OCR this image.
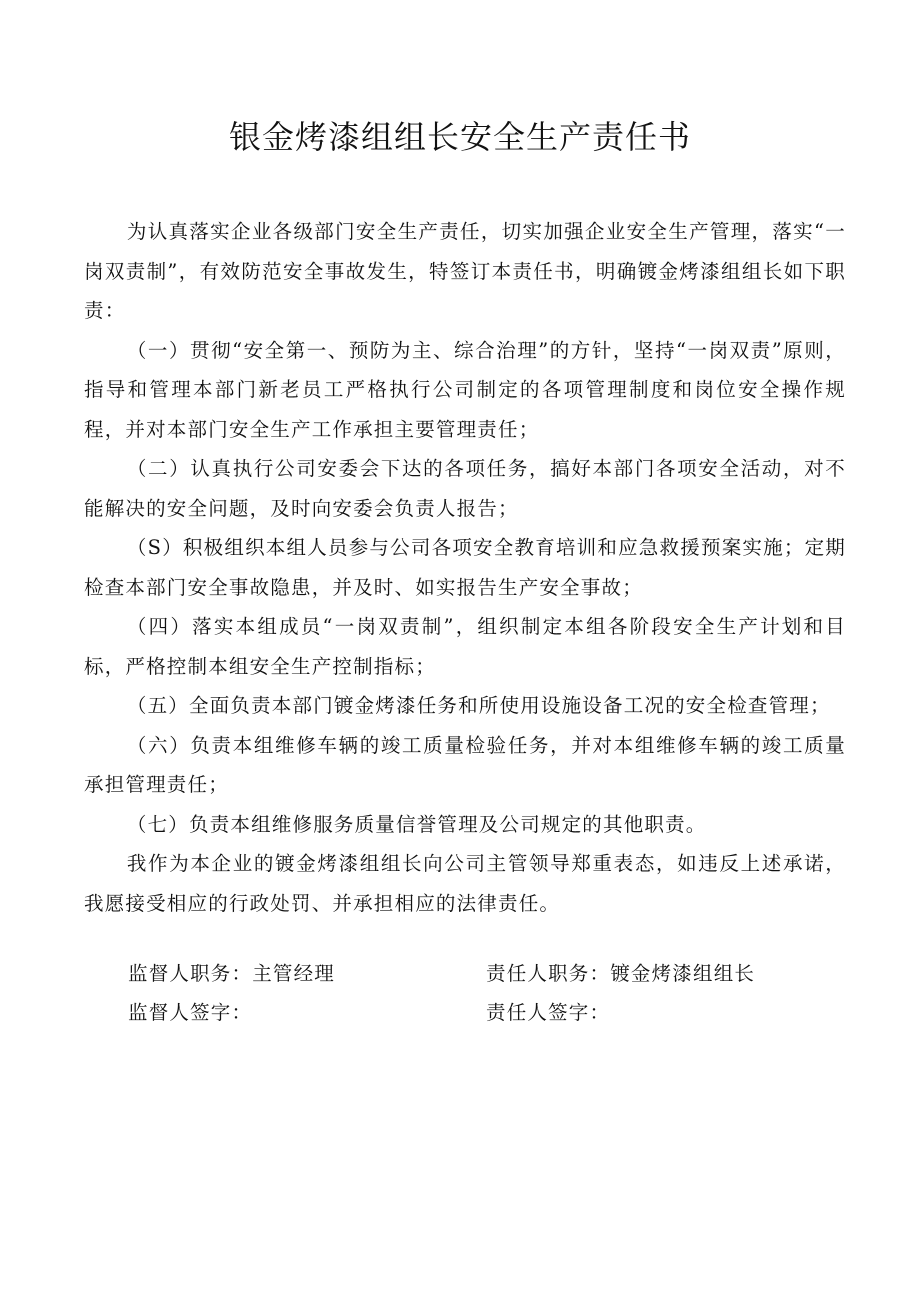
银金烤漆组组长安全生产责任书

为认真落实企业各级部门安全生产责任，切实加强企业安全生产管理，落实“一岗双责制”，有效防范安全事故发生，特签订本责任书，明确镀金烤漆组组长如下职责：

（一）贯彻“安全第一、预防为主、综合治理”的方针，坚持“一岗双责”原则，指导和管理本部门新老员工严格执行公司制定的各项管理制度和岗位安全操作规程，并对本部门安全生产工作承担主要管理责任；

（二）认真执行公司安委会下达的各项任务，搞好本部门各项安全活动，对不能解决的安全问题，及时向安委会负责人报告；

（S）积极组织本组人员参与公司各项安全教育培训和应急救援预案实施；定期检查本部门安全事故隐患，并及时、如实报告生产安全事故；

（四）落实本组成员“一岗双责制”，组织制定本组各阶段安全生产计划和目标，严格控制本组安全生产控制指标；

（五）全面负责本部门镀金烤漆任务和所使用设施设备工况的安全检查管理；

（六）负责本组维修车辆的竣工质量检验任务，并对本组维修车辆的竣工质量承担管理责任；

（七）负责本组维修服务质量信誉管理及公司规定的其他职责。

我作为本企业的镀金烤漆组组长向公司主管领导郑重表态，如违反上述承诺，我愿接受相应的行政处罚、并承担相应的法律责任。

监督人职务：主管经理	责任人职务：镀金烤漆组组长
监督人签字：	责任人签字：
